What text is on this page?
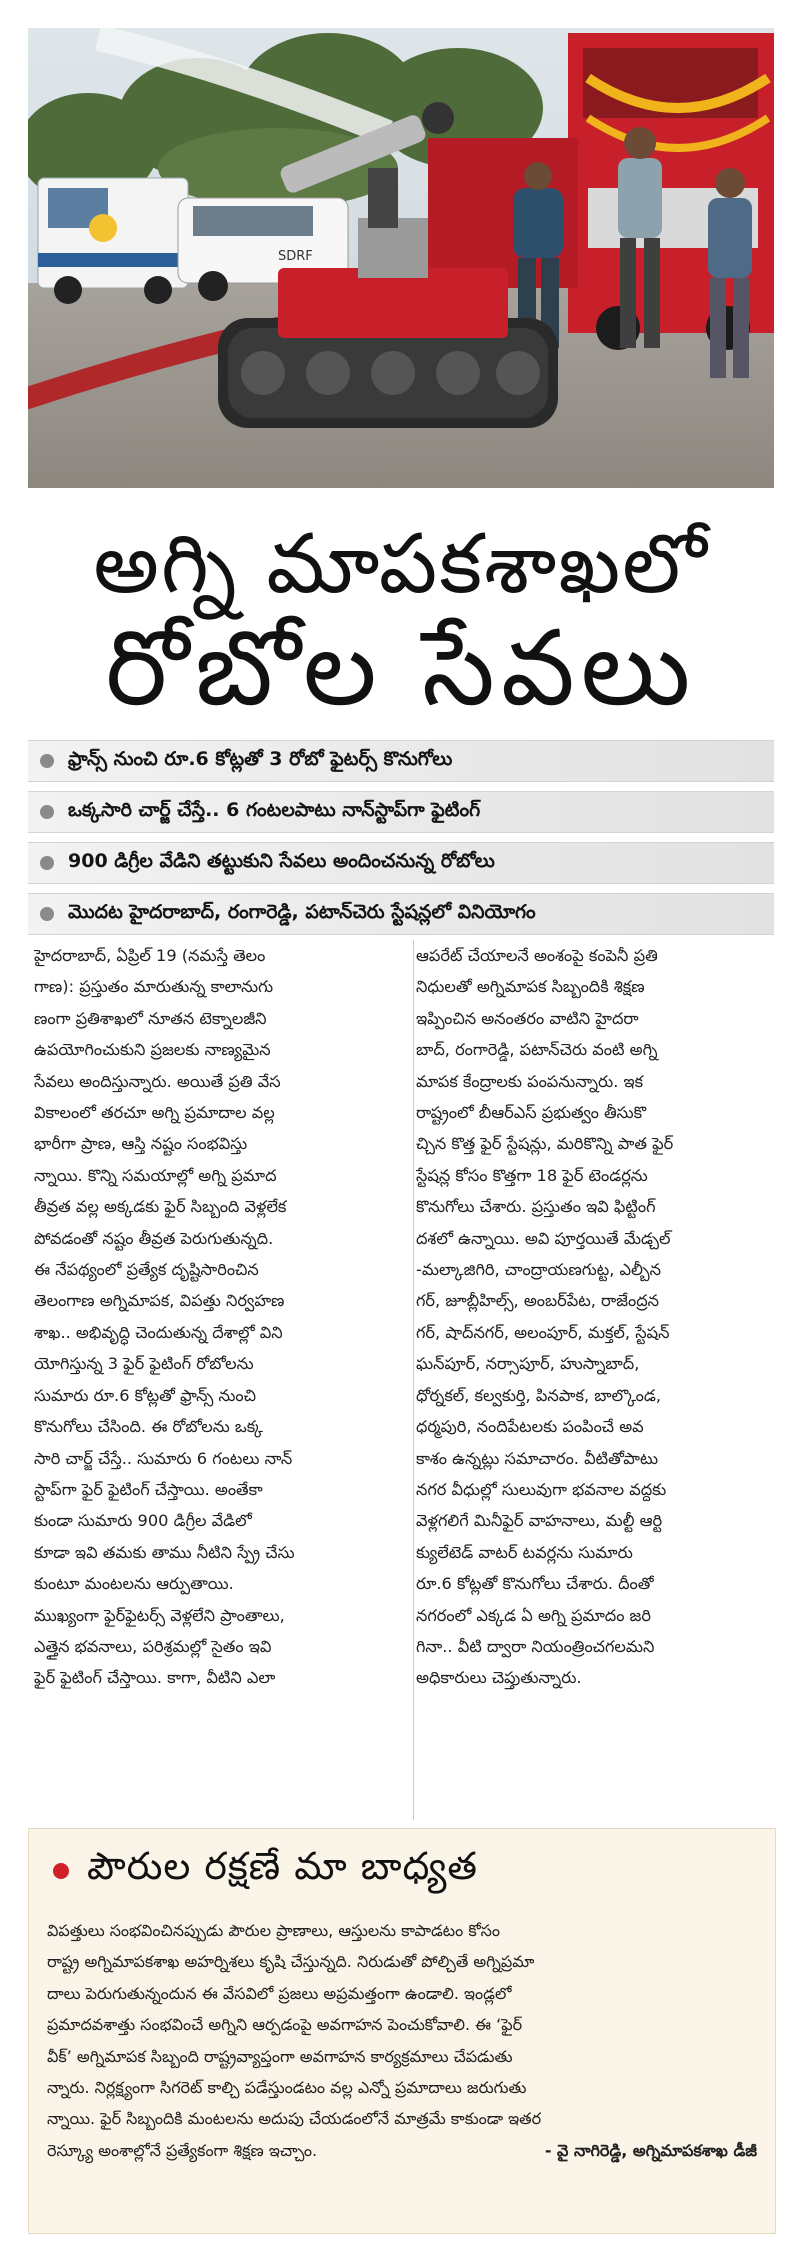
SDRF
అగ్ని మాపకశాఖలో
రోబోల సేవలు
ఫ్రాన్స్ నుంచి రూ.6 కోట్లతో 3 రోబో ఫైటర్స్ కొనుగోలు
ఒక్కసారి చార్జ్ చేస్తే.. 6 గంటలపాటు నాన్‌స్టాప్‌గా ఫైటింగ్
900 డిగ్రీల వేడిని తట్టుకుని సేవలు అందించనున్న రోబోలు
మొదట హైదరాబాద్, రంగారెడ్డి, పటాన్‌చెరు స్టేషన్లలో వినియోగం
హైదరాబాద్, ఏప్రిల్ 19 (నమస్తే తెలం
గాణ): ప్రస్తుతం మారుతున్న కాలానుగు
ణంగా ప్రతిశాఖలో నూతన టెక్నాలజీని
ఉపయోగించుకుని ప్రజలకు నాణ్యమైన
సేవలు అందిస్తున్నారు. అయితే ప్రతి వేస
వికాలంలో తరచూ అగ్ని ప్రమాదాల వల్ల
భారీగా ప్రాణ, ఆస్తి నష్టం సంభవిస్తు
న్నాయి. కొన్ని సమయాల్లో అగ్ని ప్రమాద
తీవ్రత వల్ల అక్కడకు ఫైర్ సిబ్బంది వెళ్లలేక
పోవడంతో నష్టం తీవ్రత పెరుగుతున్నది.
ఈ నేపథ్యంలో ప్రత్యేక దృష్టిసారించిన
తెలంగాణ అగ్నిమాపక, విపత్తు నిర్వహణ
శాఖ.. అభివృద్ధి చెందుతున్న దేశాల్లో విని
యోగిస్తున్న 3 ఫైర్ ఫైటింగ్ రోబోలను
సుమారు రూ.6 కోట్లతో ఫ్రాన్స్ నుంచి
కొనుగోలు చేసింది. ఈ రోబోలను ఒక్క
సారి చార్జ్ చేస్తే.. సుమారు 6 గంటలు నాన్
స్టాప్‌గా ఫైర్ ఫైటింగ్ చేస్తాయి. అంతేకా
కుండా సుమారు 900 డిగ్రీల వేడిలో
కూడా ఇవి తమకు తాము నీటిని స్ప్రే చేసు
కుంటూ మంటలను ఆర్పుతాయి.
ముఖ్యంగా ఫైర్‌ఫైటర్స్ వెళ్లలేని ప్రాంతాలు,
ఎత్తైన భవనాలు, పరిశ్రమల్లో సైతం ఇవి
ఫైర్ ఫైటింగ్ చేస్తాయి. కాగా, వీటిని ఎలా
ఆపరేట్ చేయాలనే అంశంపై కంపెనీ ప్రతి
నిధులతో అగ్నిమాపక సిబ్బందికి శిక్షణ
ఇప్పించిన అనంతరం వాటిని హైదరా
బాద్, రంగారెడ్డి, పటాన్‌చెరు వంటి అగ్ని
మాపక కేంద్రాలకు పంపనున్నారు. ఇక
రాష్ట్రంలో బీఆర్‌ఎస్ ప్రభుత్వం తీసుకొ
చ్చిన కొత్త ఫైర్ స్టేషన్లు, మరికొన్ని పాత ఫైర్
స్టేషన్ల కోసం కొత్తగా 18 ఫైర్ టెండర్లను
కొనుగోలు చేశారు. ప్రస్తుతం ఇవి ఫిట్టింగ్
దశలో ఉన్నాయి. అవి పూర్తయితే మేడ్చల్
-మల్కాజిగిరి, చాంద్రాయణగుట్ట, ఎల్బీన
గర్, జూబ్లీహిల్స్, అంబర్‌పేట, రాజేంద్రన
గర్, షాద్‌నగర్, అలంపూర్, మక్తల్, స్టేషన్
ఘన్‌పూర్, నర్సాపూర్, హుస్నాబాద్,
ధోర్నకల్, కల్వకుర్తి, పినపాక, బాల్కొండ,
ధర్మపురి, నందిపేటలకు పంపించే అవ
కాశం ఉన్నట్లు సమాచారం. వీటితోపాటు
నగర వీధుల్లో సులువుగా భవనాల వద్దకు
వెళ్లగలిగే మినీఫైర్ వాహనాలు, మల్టీ ఆర్టి
క్యులేటెడ్ వాటర్ టవర్లను సుమారు
రూ.6 కోట్లతో కొనుగోలు చేశారు. దీంతో
నగరంలో ఎక్కడ ఏ అగ్ని ప్రమాదం జరి
గినా.. వీటి ద్వారా నియంత్రించగలమని
అధికారులు చెప్తుతున్నారు.
పౌరుల రక్షణే మా బాధ్యత
విపత్తులు సంభవించినప్పుడు పౌరుల ప్రాణాలు, ఆస్తులను కాపాడటం కోసం
రాష్ట్ర అగ్నిమాపకశాఖ అహర్నిశలు కృషి చేస్తున్నది. నిరుడుతో పోల్చితే అగ్నిప్రమా
దాలు పెరుగుతున్నందున ఈ వేసవిలో ప్రజలు అప్రమత్తంగా ఉండాలి. ఇండ్లలో
ప్రమాదవశాత్తు సంభవించే అగ్నిని ఆర్పడంపై అవగాహన పెంచుకోవాలి. ఈ ‘ఫైర్
వీక్’ అగ్నిమాపక సిబ్బంది రాష్ట్రవ్యాప్తంగా అవగాహన కార్యక్రమాలు చేపడుతు
న్నారు. నిర్లక్ష్యంగా సిగరెట్ కాల్చి పడేస్తుండటం వల్ల ఎన్నో ప్రమాదాలు జరుగుతు
న్నాయి. ఫైర్ సిబ్బందికి మంటలను అదుపు చేయడంలోనే మాత్రమే కాకుండా ఇతర
రెస్క్యూ అంశాల్లోనే ప్రత్యేకంగా శిక్షణ ఇచ్చాం.	- వై నాగిరెడ్డి, అగ్నిమాపకశాఖ డీజీ
